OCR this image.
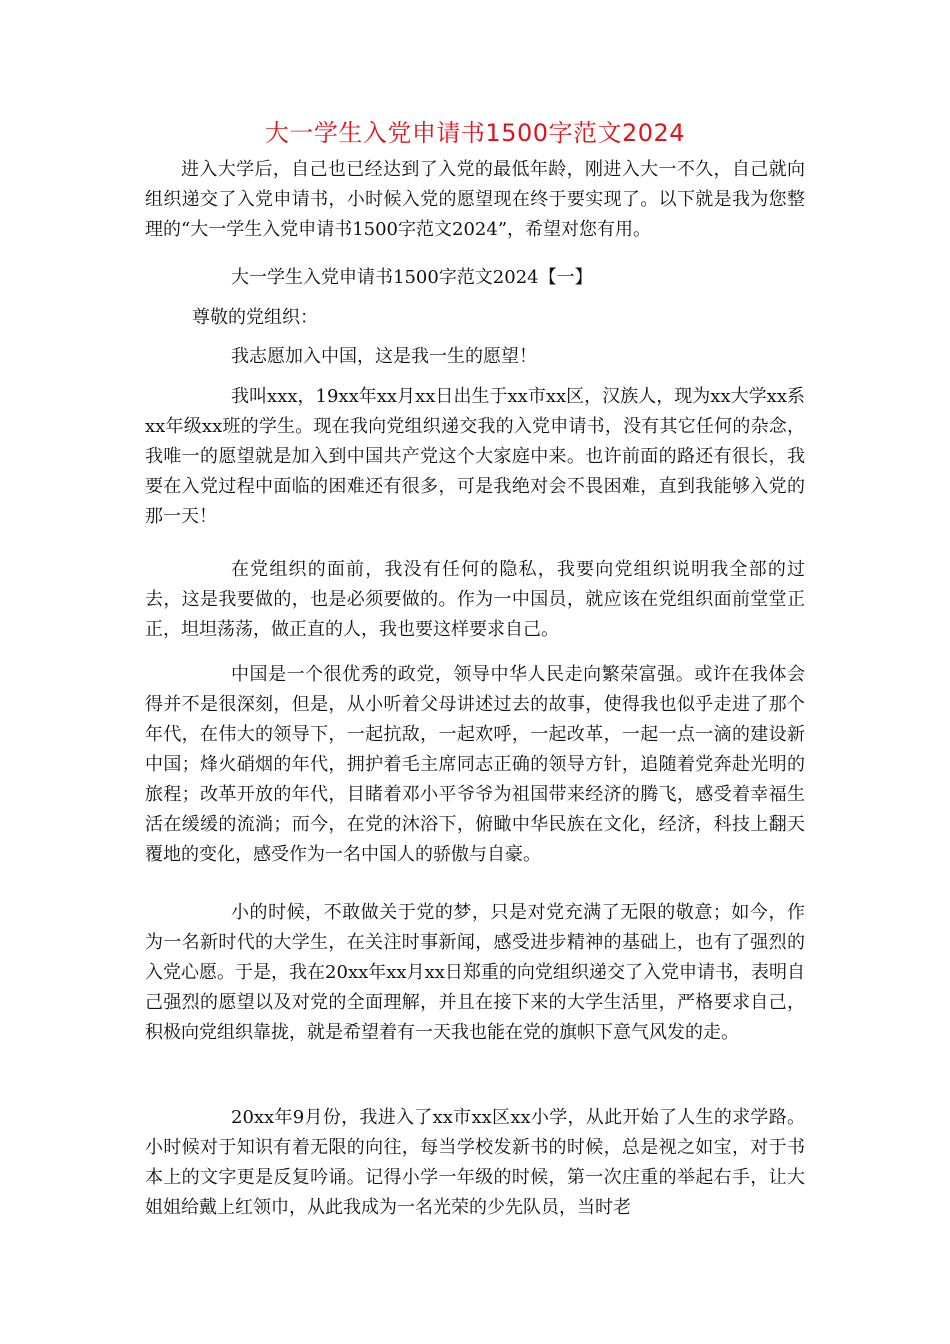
大一学生入党申请书1500字范文2024

进入大学后，自己也已经达到了入党的最低年龄，刚进入大一不久，自己就向组织递交了入党申请书，小时候入党的愿望现在终于要实现了。以下就是我为您整理的“大一学生入党申请书1500字范文2024”，希望对您有用。

大一学生入党申请书1500字范文2024【一】

尊敬的党组织：

我志愿加入中国，这是我一生的愿望！

我叫xxx，19xx年xx月xx日出生于xx市xx区，汉族人，现为xx大学xx系xx年级xx班的学生。现在我向党组织递交我的入党申请书，没有其它任何的杂念，我唯一的愿望就是加入到中国共产党这个大家庭中来。也许前面的路还有很长，我要在入党过程中面临的困难还有很多，可是我绝对会不畏困难，直到我能够入党的那一天！

在党组织的面前，我没有任何的隐私，我要向党组织说明我全部的过去，这是我要做的，也是必须要做的。作为一中国员，就应该在党组织面前堂堂正正，坦坦荡荡，做正直的人，我也要这样要求自己。

中国是一个很优秀的政党，领导中华人民走向繁荣富强。或许在我体会得并不是很深刻，但是，从小听着父母讲述过去的故事，使得我也似乎走进了那个年代，在伟大的领导下，一起抗敌，一起欢呼，一起改革，一起一点一滴的建设新中国；烽火硝烟的年代，拥护着毛主席同志正确的领导方针，追随着党奔赴光明的旅程；改革开放的年代，目睹着邓小平爷爷为祖国带来经济的腾飞，感受着幸福生活在缓缓的流淌；而今，在党的沐浴下，俯瞰中华民族在文化，经济，科技上翻天覆地的变化，感受作为一名中国人的骄傲与自豪。

小的时候，不敢做关于党的梦，只是对党充满了无限的敬意；如今，作为一名新时代的大学生，在关注时事新闻，感受进步精神的基础上，也有了强烈的入党心愿。于是，我在20xx年xx月xx日郑重的向党组织递交了入党申请书，表明自己强烈的愿望以及对党的全面理解，并且在接下来的大学生活里，严格要求自己，积极向党组织靠拢，就是希望着有一天我也能在党的旗帜下意气风发的走。

20xx年9月份，我进入了xx市xx区xx小学，从此开始了人生的求学路。小时候对于知识有着无限的向往，每当学校发新书的时候，总是视之如宝，对于书本上的文字更是反复吟诵。记得小学一年级的时候，第一次庄重的举起右手，让大姐姐给戴上红领巾，从此我成为一名光荣的少先队员，当时老
